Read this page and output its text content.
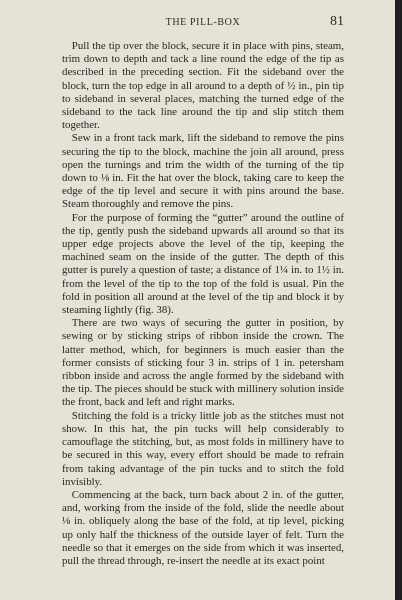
THE PILL-BOX	81

Pull the tip over the block, secure it in place with pins, steam, trim down to depth and tack a line round the edge of the tip as described in the preceding section. Fit the sideband over the block, turn the top edge in all around to a depth of ½ in., pin tip to sideband in several places, matching the turned edge of the sideband to the tack line around the tip and slip stitch them together.

Sew in a front tack mark, lift the sideband to remove the pins securing the tip to the block, machine the join all around, press open the turnings and trim the width of the turning of the tip down to ⅛ in. Fit the hat over the block, taking care to keep the edge of the tip level and secure it with pins around the base. Steam thoroughly and remove the pins.

For the purpose of forming the “gutter” around the outline of the tip, gently push the sideband upwards all around so that its upper edge projects above the level of the tip, keeping the machined seam on the inside of the gutter. The depth of this gutter is purely a question of taste; a distance of 1¼ in. to 1½ in. from the level of the tip to the top of the fold is usual. Pin the fold in position all around at the level of the tip and block it by steaming lightly (fig. 38).

There are two ways of securing the gutter in position, by sewing or by sticking strips of ribbon inside the crown. The latter method, which, for beginners is much easier than the former consists of sticking four 3 in. strips of 1 in. petersham ribbon inside and across the angle formed by the sideband with the tip. The pieces should be stuck with millinery solution inside the front, back and left and right marks.

Stitching the fold is a tricky little job as the stitches must not show. In this hat, the pin tucks will help considerably to camouflage the stitching, but, as most folds in millinery have to be secured in this way, every effort should be made to refrain from taking advantage of the pin tucks and to stitch the fold invisibly.

Commencing at the back, turn back about 2 in. of the gutter, and, working from the inside of the fold, slide the needle about ⅛ in. obliquely along the base of the fold, at tip level, picking up only half the thickness of the outside layer of felt. Turn the needle so that it emerges on the side from which it was inserted, pull the thread through, re-insert the needle at its exact point
